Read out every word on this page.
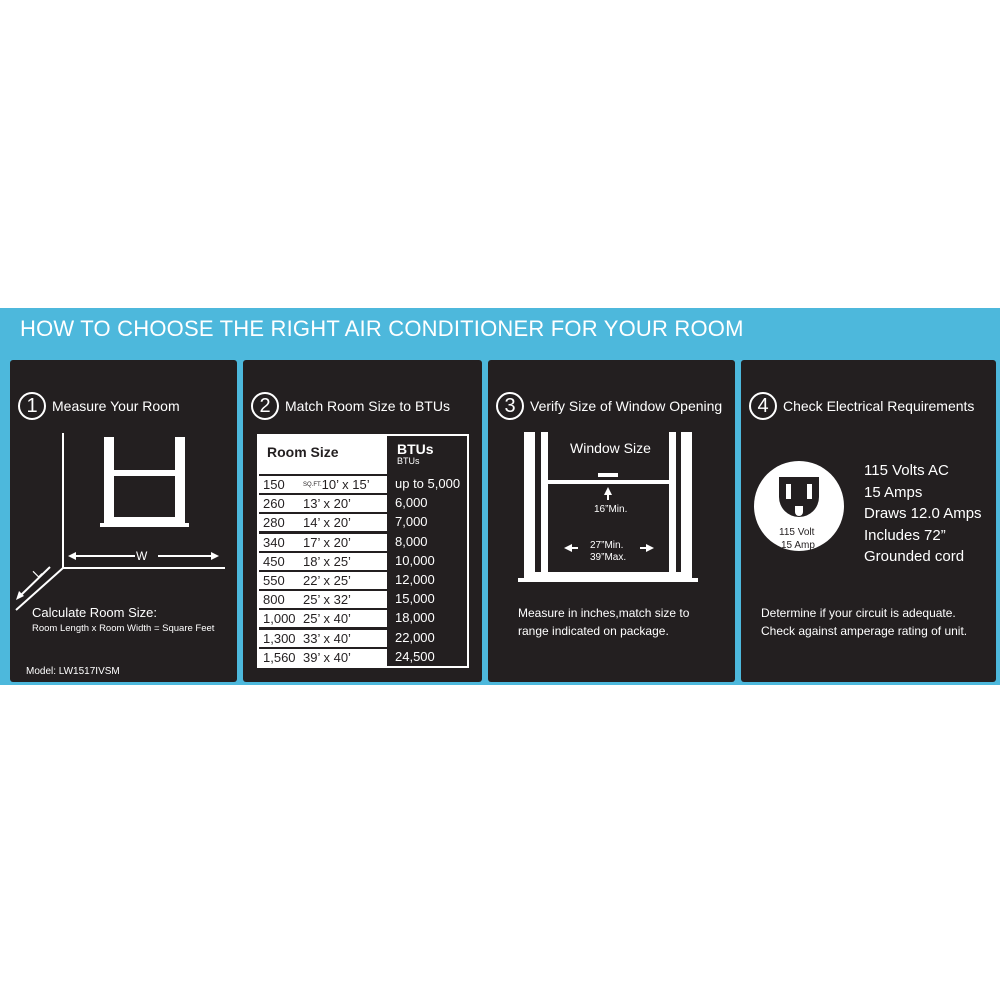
HOW TO CHOOSE THE RIGHT AIR CONDITIONER FOR YOUR ROOM
1	Measure Your Room
W
L
Calculate Room Size:
Room Length x Room Width = Square Feet
Model: LW1517IVSM
2	Match Room Size to BTUs
Room Size	BTUs
BTUs
150	SQ.FT. 10’ x 15’	up to 5,000
260	13’ x 20’	6,000
280	14’ x 20’	7,000
340	17’ x 20’	8,000
450	18’ x 25’	10,000
550	22’ x 25’	12,000
800	25’ x 32’	15,000
1,000 25’ x 40’	18,000
1,300 33’ x 40’	22,000
1,560 39’ x 40’	24,500
3	Verify Size of Window Opening
Window Size
16”Min.
27”Min.
39”Max.
Measure in inches,match size to
range indicated on package.
4	Check Electrical Requirements
115 Volt
15 Amp
115 Volts AC
15 Amps
Draws 12.0 Amps
Includes 72”
Grounded cord
Determine if your circuit is adequate.
Check against amperage rating of unit.
